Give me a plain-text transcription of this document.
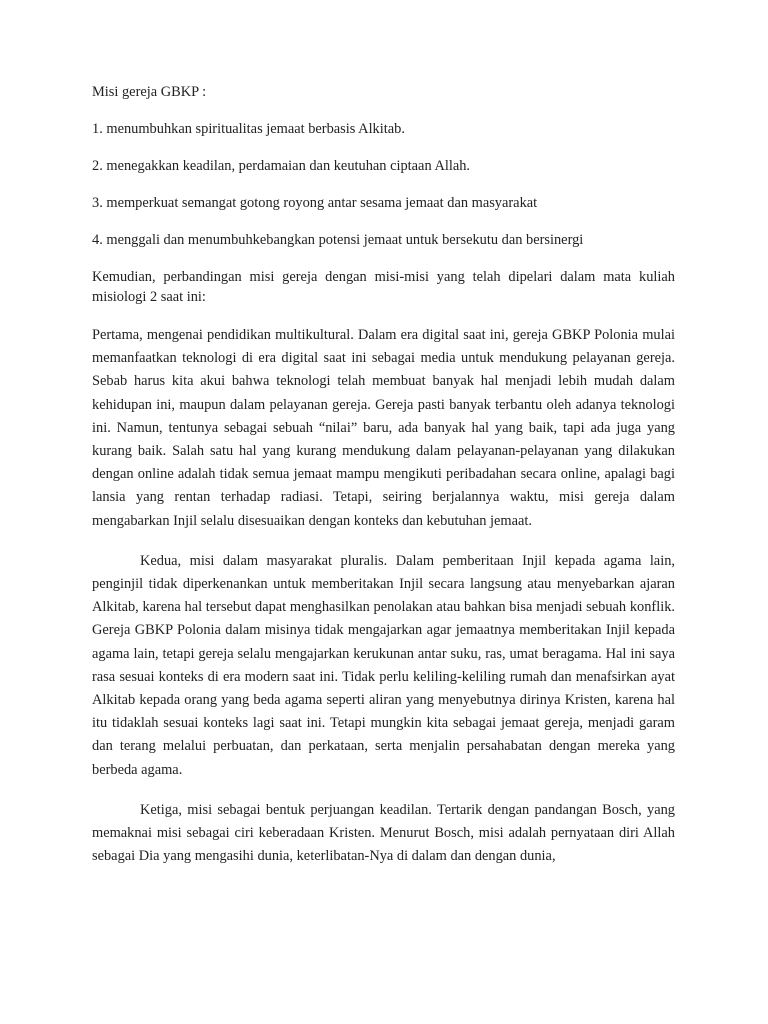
Misi gereja GBKP :
1. menumbuhkan spiritualitas jemaat berbasis Alkitab.
2. menegakkan keadilan, perdamaian dan keutuhan ciptaan Allah.
3. memperkuat semangat gotong royong antar sesama jemaat dan masyarakat
4. menggali dan menumbuhkebangkan potensi jemaat untuk bersekutu dan bersinergi

Kemudian, perbandingan misi gereja dengan misi-misi yang telah dipelari dalam mata kuliah misiologi 2 saat ini:

Pertama, mengenai pendidikan multikultural. Dalam era digital saat ini, gereja GBKP Polonia mulai memanfaatkan teknologi di era digital saat ini sebagai media untuk mendukung pelayanan gereja. Sebab harus kita akui bahwa teknologi telah membuat banyak hal menjadi lebih mudah dalam kehidupan ini, maupun dalam pelayanan gereja. Gereja pasti banyak terbantu oleh adanya teknologi ini. Namun, tentunya sebagai sebuah “nilai” baru, ada banyak hal yang baik, tapi ada juga yang kurang baik. Salah satu hal yang kurang mendukung dalam pelayanan-pelayanan yang dilakukan dengan online adalah tidak semua jemaat mampu mengikuti peribadahan secara online, apalagi bagi lansia yang rentan terhadap radiasi. Tetapi, seiring berjalannya waktu, misi gereja dalam mengabarkan Injil selalu disesuaikan dengan konteks dan kebutuhan jemaat.

Kedua, misi dalam masyarakat pluralis. Dalam pemberitaan Injil kepada agama lain, penginjil tidak diperkenankan untuk memberitakan Injil secara langsung atau menyebarkan ajaran Alkitab, karena hal tersebut dapat menghasilkan penolakan atau bahkan bisa menjadi sebuah konflik. Gereja GBKP Polonia dalam misinya tidak mengajarkan agar jemaatnya memberitakan Injil kepada agama lain, tetapi gereja selalu mengajarkan kerukunan antar suku, ras, umat beragama. Hal ini saya rasa sesuai konteks di era modern saat ini. Tidak perlu keliling-keliling rumah dan menafsirkan ayat Alkitab kepada orang yang beda agama seperti aliran yang menyebutnya dirinya Kristen, karena hal itu tidaklah sesuai konteks lagi saat ini. Tetapi mungkin kita sebagai jemaat gereja, menjadi garam dan terang melalui perbuatan, dan perkataan, serta menjalin persahabatan dengan mereka yang berbeda agama.

Ketiga, misi sebagai bentuk perjuangan keadilan. Tertarik dengan pandangan Bosch, yang memaknai misi sebagai ciri keberadaan Kristen. Menurut Bosch, misi adalah pernyataan diri Allah sebagai Dia yang mengasihi dunia, keterlibatan-Nya di dalam dan dengan dunia,
